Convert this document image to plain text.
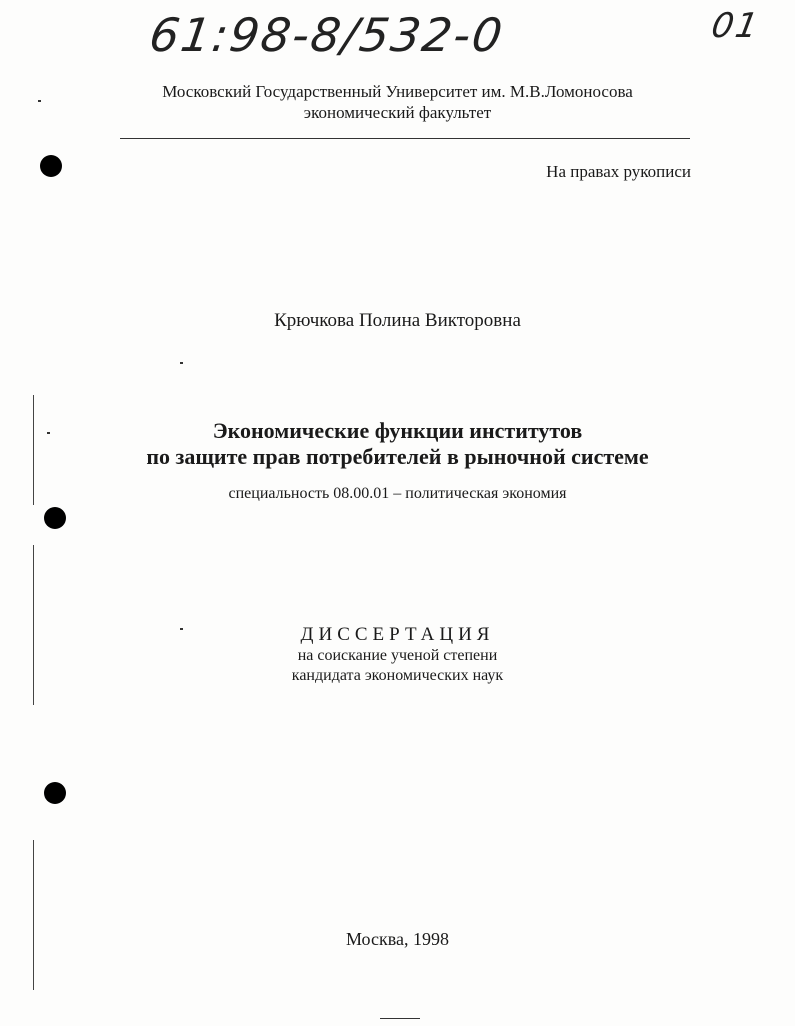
61:98-8/532-0	01
Московский Государственный Университет им. М.В.Ломоносова
экономический факультет
На правах рукописи
Крючкова Полина Викторовна
Экономические функции институтов
по защите прав потребителей в рыночной системе
специальность 08.00.01 – политическая экономия
ДИССЕРТАЦИЯ
на соискание ученой степени
кандидата экономических наук
Москва, 1998
